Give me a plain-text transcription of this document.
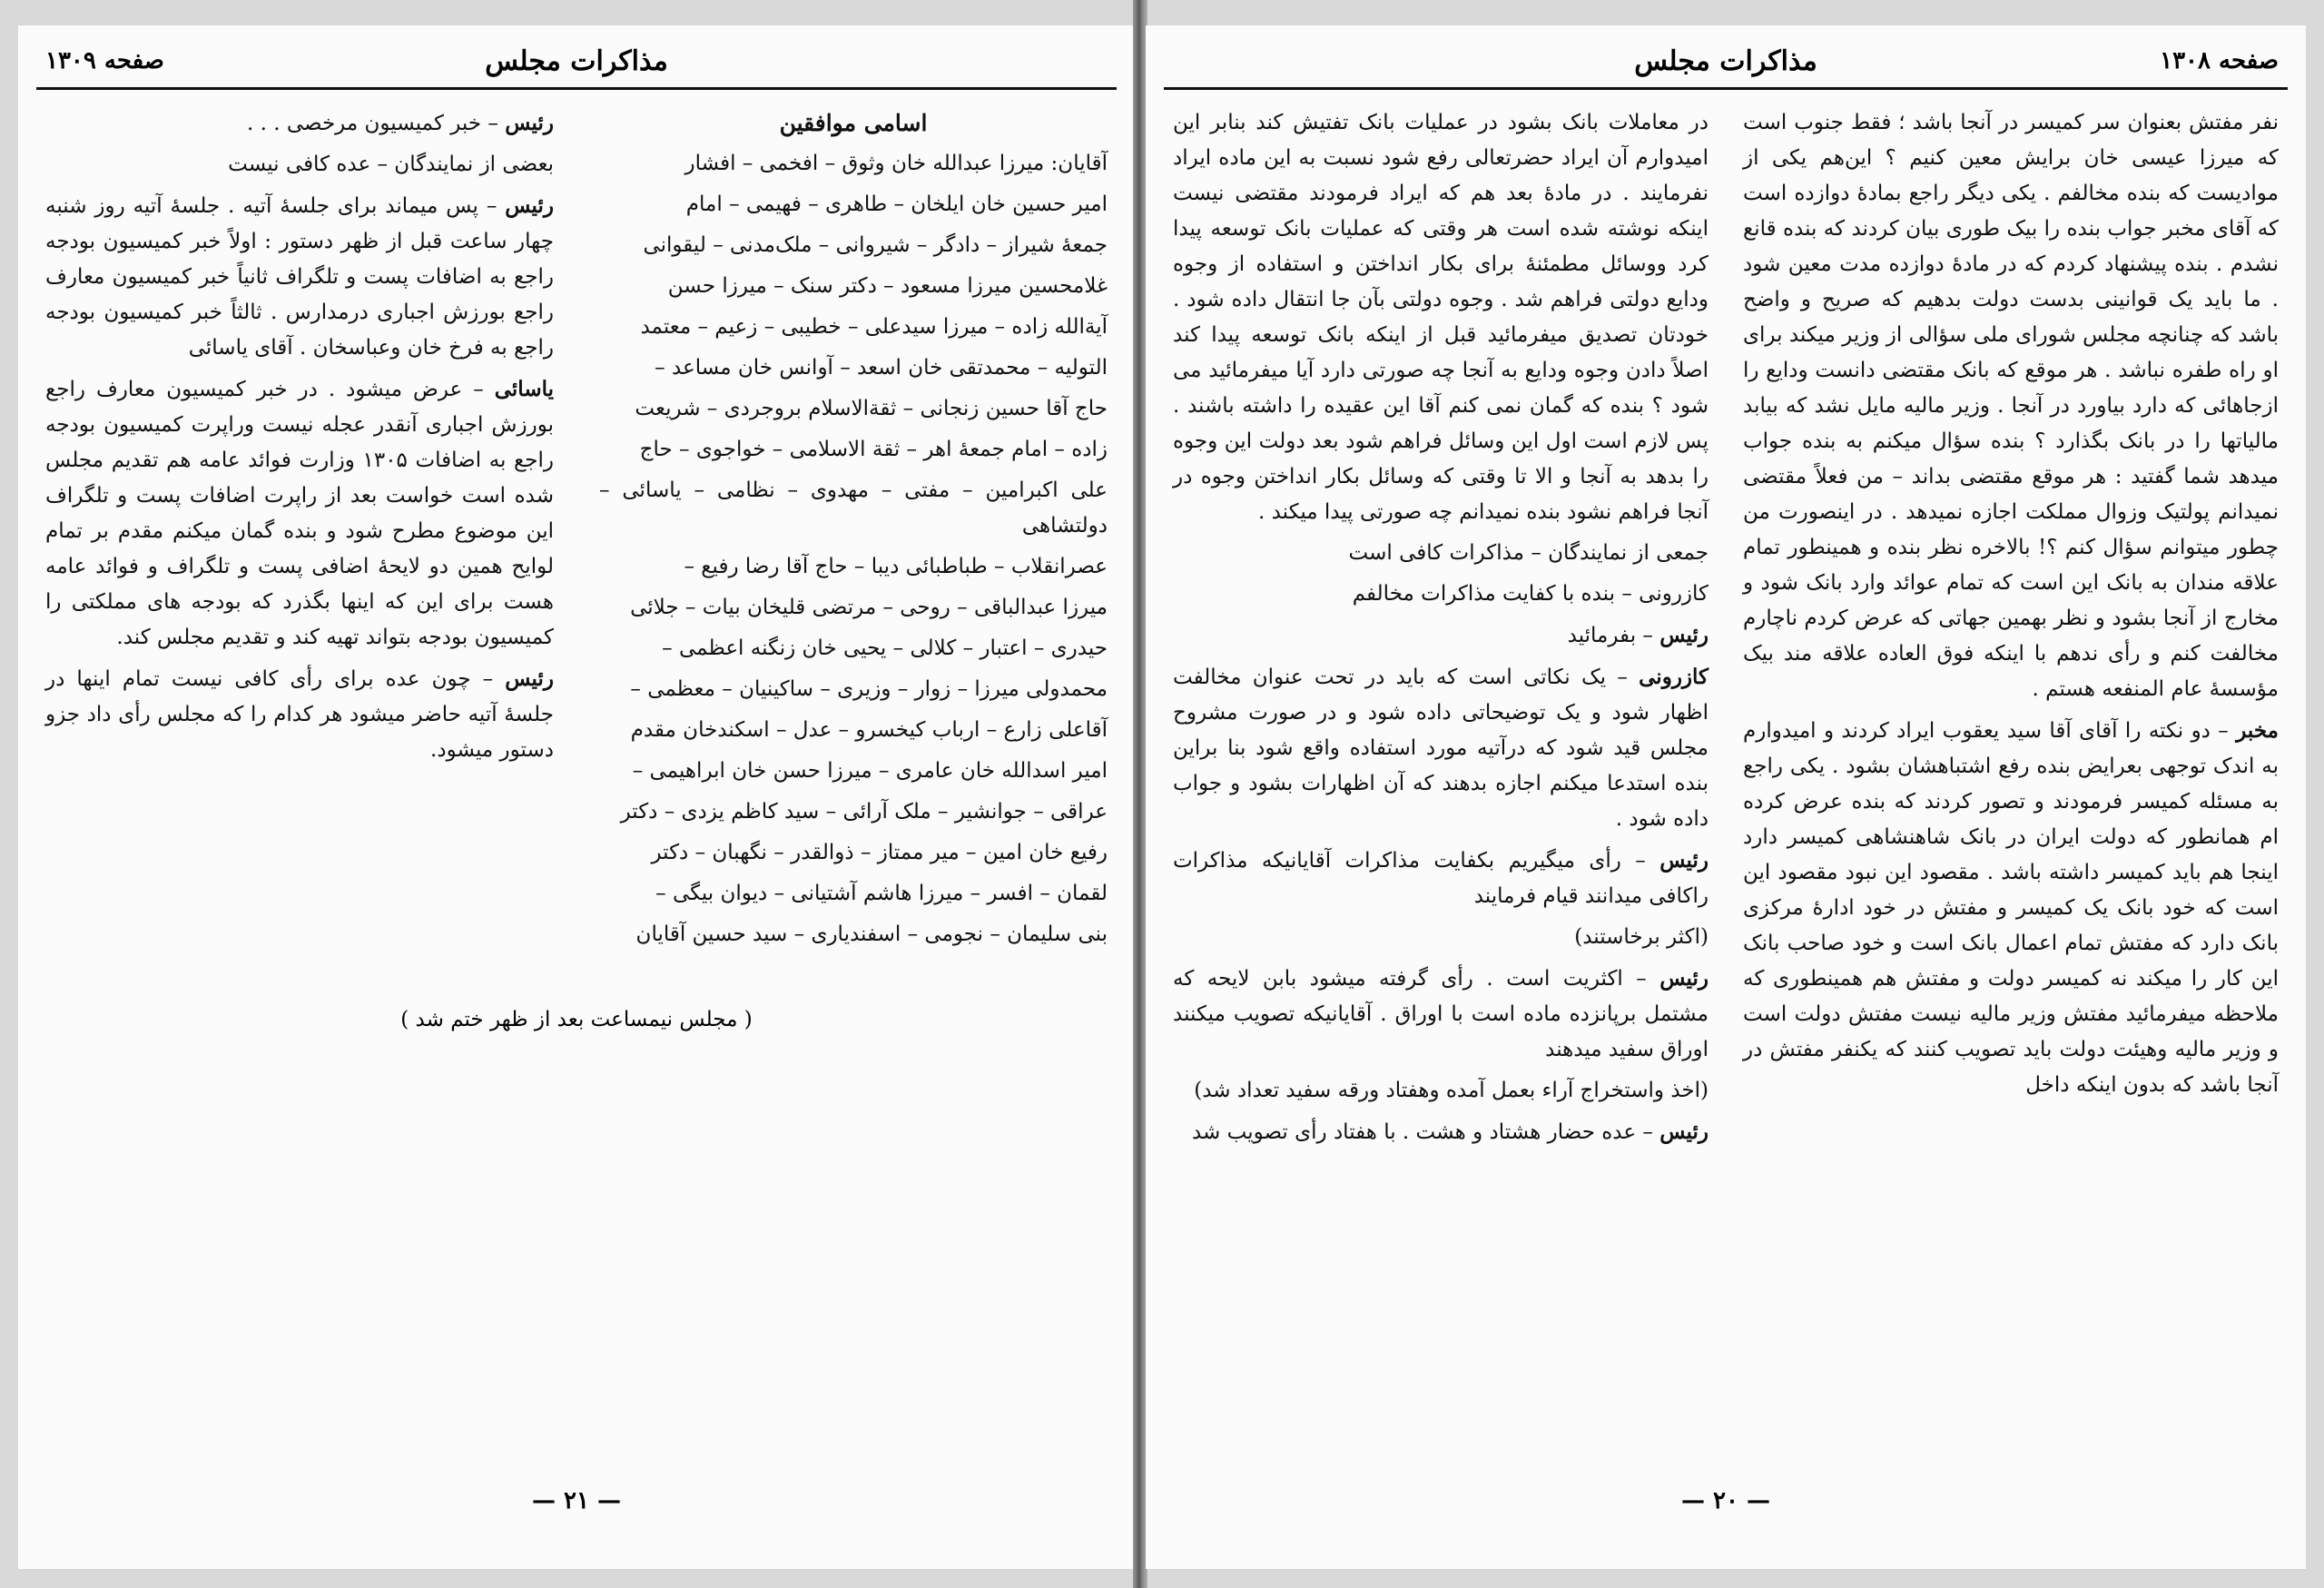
صفحه ۱۳۰۹	مذاکرات مجلس

اسامی موافقین

آقایان: میرزا عبدالله خان وثوق – افخمی – افشار

امیر حسین خان ایلخان – طاهری – فهیمی – امام

جمعهٔ شیراز – دادگر – شیروانی – ملک‌مدنی – لیقوانی

غلامحسین میرزا مسعود – دکتر سنک – میرزا حسن

آیة‌الله زاده – میرزا سیدعلی – خطیبی – زعیم – معتمد

التولیه – محمدتقی خان اسعد – آوانس خان مساعد –

حاج آقا حسین زنجانی – ثقة‌الاسلام بروجردی – شریعت

زاده – امام جمعهٔ اهر – ثقة الاسلامی – خواجوی – حاج

علی اکبرامین – مفتی – مهدوی – نظامی – یاسائی – دولتشاهی

عصرانقلاب – طباطبائی دیبا – حاج آقا رضا رفیع –

میرزا عبدالباقی – روحی – مرتضی قلیخان بیات – جلائی

حیدری – اعتبار – کلالی – یحیی خان زنگنه اعظمی –

محمدولی میرزا – زوار – وزیری – ساکینیان – معظمی –

آقاعلی زارع – ارباب کیخسرو – عدل – اسکندخان مقدم

امیر اسدالله خان عامری – میرزا حسن خان ابراهیمی –

عراقی – جوانشیر – ملک آرائی – سید کاظم یزدی – دکتر

رفیع خان امین – میر ممتاز – ذوالقدر – نگهبان – دکتر

لقمان – افسر – میرزا هاشم آشتیانی – دیوان بیگی –

بنی سلیمان – نجومی – اسفندیاری – سید حسین آقایان

رئیس – خبر کمیسیون مرخصی . . .

بعضی از نمایندگان – عده کافی نیست

رئیس – پس میماند برای جلسهٔ آتیه . جلسهٔ آتیه روز شنبه چهار ساعت قبل از ظهر دستور : اولاً خبر کمیسیون بودجه راجع به اضافات پست و تلگراف ثانیاً خبر کمیسیون معارف راجع بورزش اجباری درمدارس . ثالثاً خبر کمیسیون بودجه راجع به فرخ خان وعباسخان . آقای یاسائی

یاسائی – عرض میشود . در خبر کمیسیون معارف راجع بورزش اجباری آنقدر عجله نیست وراپرت کمیسیون بودجه راجع به اضافات ۱۳۰۵ وزارت فوائد عامه هم تقدیم مجلس شده است خواست بعد از راپرت اضافات پست و تلگراف این موضوع مطرح شود و بنده گمان میکنم مقدم بر تمام لوایح همین دو لایحهٔ اضافی پست و تلگراف و فوائد عامه هست برای این که اینها بگذرد که بودجه های مملکتی را کمیسیون بودجه بتواند تهیه کند و تقدیم مجلس کند.

رئیس – چون عده برای رأی کافی نیست تمام اینها در جلسهٔ آتیه حاضر میشود هر کدام را که مجلس رأی داد جزو دستور میشود.

( مجلس نیمساعت بعد از ظهر ختم شد )
— ۲۱ —
صفحه ۱۳۰۸
مذاکرات مجلس

نفر مفتش بعنوان سر کمیسر در آنجا باشد ؛ فقط جنوب است که میرزا عیسی خان برایش معین کنیم ؟ این‌هم یکی از موادیست که بنده مخالفم . یکی دیگر راجع بمادهٔ دوازده است که آقای مخبر جواب بنده را بیک طوری بیان کردند که بنده قانع نشدم . بنده پیشنهاد کردم که در مادهٔ دوازده مدت معین شود . ما باید یک قوانینی بدست دولت بدهیم که صریح و واضح باشد که چنانچه مجلس شورای ملی سؤالی از وزیر میکند برای او راه طفره نباشد . هر موقع که بانک مقتضی دانست ودایع را ازجاهائی که دارد بیاورد در آنجا . وزیر مالیه مایل نشد که بیابد مالیاتها را در بانک بگذارد ؟ بنده سؤال میکنم به بنده جواب میدهد شما گفتید : هر موقع مقتضی بداند – من فعلاً مقتضی نمیدانم پولتیک وزوال مملکت اجازه نمیدهد . در اینصورت من چطور میتوانم سؤال کنم ؟! بالاخره نظر بنده و همینطور تمام علاقه مندان به بانک این است که تمام عوائد وارد بانک شود و مخارج از آنجا بشود و نظر بهمین جهاتی که عرض کردم ناچارم مخالفت کنم و رأی ندهم با اینکه فوق العاده علاقه مند بیک مؤسسهٔ عام المنفعه هستم .

مخبر – دو نکته را آقای آقا سید یعقوب ایراد کردند و امیدوارم به اندک توجهی بعرایض بنده رفع اشتباهشان بشود . یکی راجع به مسئله کمیسر فرمودند و تصور کردند که بنده عرض کرده ام همانطور که دولت ایران در بانک شاهنشاهی کمیسر دارد اینجا هم باید کمیسر داشته باشد . مقصود این نبود مقصود این است که خود بانک یک کمیسر و مفتش در خود ادارهٔ مرکزی بانک دارد که مفتش تمام اعمال بانک است و خود صاحب بانک این کار را میکند نه کمیسر دولت و مفتش هم همینطوری که ملاحظه میفرمائید مفتش وزیر مالیه نیست مفتش دولت است و وزیر مالیه وهیئت دولت باید تصویب کنند که یکنفر مفتش در آنجا باشد که بدون اینکه داخل

در معاملات بانک بشود در عملیات بانک تفتیش کند بنابر این امیدوارم آن ایراد حضرتعالی رفع شود نسبت به این ماده ایراد نفرمایند . در مادهٔ بعد هم که ایراد فرمودند مقتضی نیست اینکه نوشته شده است هر وقتی که عملیات بانک توسعه پیدا کرد ووسائل مطمئنهٔ برای بکار انداختن و استفاده از وجوه ودایع دولتی فراهم شد . وجوه دولتی بآن جا انتقال داده شود . خودتان تصدیق میفرمائید قبل از اینکه بانک توسعه پیدا کند اصلاً دادن وجوه ودایع به آنجا چه صورتی دارد آیا میفرمائید می شود ؟ بنده که گمان نمی کنم آقا این عقیده را داشته باشند . پس لازم است اول این وسائل فراهم شود بعد دولت این وجوه را بدهد به آنجا و الا تا وقتی که وسائل بکار انداختن وجوه در آنجا فراهم نشود بنده نمیدانم چه صورتی پیدا میکند .

جمعی از نمایندگان – مذاکرات کافی است

کازرونی – بنده با کفایت مذاکرات مخالفم

رئیس – بفرمائید

کازرونی – یک نکاتی است که باید در تحت عنوان مخالفت اظهار شود و یک توضیحاتی داده شود و در صورت مشروح مجلس قید شود که درآتیه مورد استفاده واقع شود بنا براین بنده استدعا میکنم اجازه بدهند که آن اظهارات بشود و جواب داده شود .

رئیس – رأی میگیریم بکفایت مذاکرات آقایانیکه مذاکرات راکافی میدانند قیام فرمایند

(اکثر برخاستند)

رئیس – اکثریت است . رأی گرفته میشود بابن لایحه که مشتمل برپانزده ماده است با اوراق . آقایانیکه تصویب میکنند اوراق سفید میدهند

(اخذ واستخراج آراء بعمل آمده وهفتاد ورقه سفید تعداد شد)

رئیس – عده حضار هشتاد و هشت . با هفتاد رأی تصویب شد

— ۲۰ —
